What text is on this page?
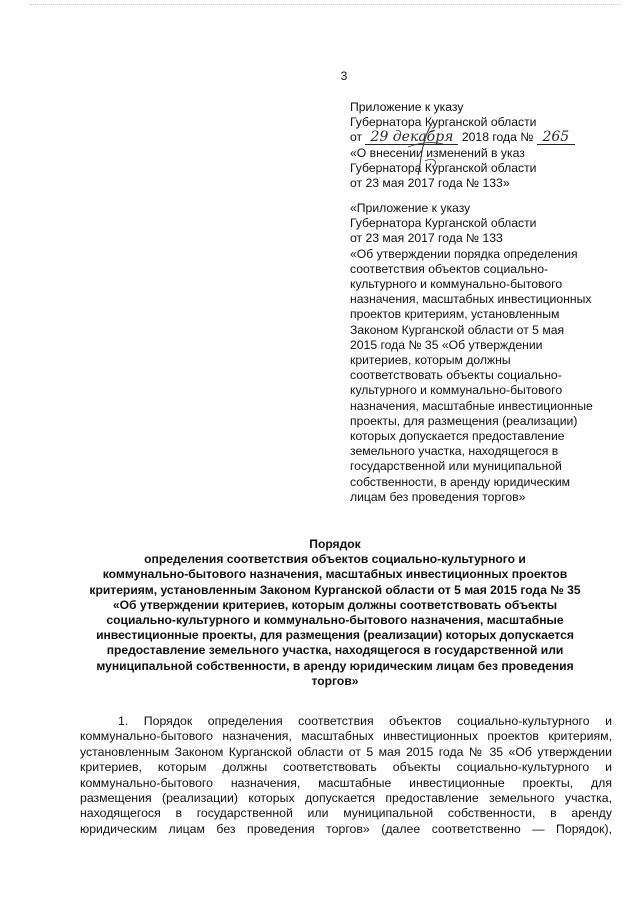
3
Приложение к указу
Губернатора Курганской области
от 29 декабря 2018 года № 265
«О внесении изменений в указ
Губернатора Курганской области
от 23 мая 2017 года № 133»
«Приложение к указу
Губернатора Курганской области
от 23 мая 2017 года № 133
«Об утверждении порядка определения
соответствия объектов социально-
культурного и коммунально-бытового
назначения, масштабных инвестиционных
проектов критериям, установленным
Законом Курганской области от 5 мая
2015 года № 35 «Об утверждении
критериев, которым должны
соответствовать объекты социально-
культурного и коммунально-бытового
назначения, масштабные инвестиционные
проекты, для размещения (реализации)
которых допускается предоставление
земельного участка, находящегося в
государственной или муниципальной
собственности, в аренду юридическим
лицам без проведения торгов»
Порядок
определения соответствия объектов социально-культурного и
коммунально-бытового назначения, масштабных инвестиционных проектов
критериям, установленным Законом Курганской области от 5 мая 2015 года № 35
«Об утверждении критериев, которым должны соответствовать объекты
социально-культурного и коммунально-бытового назначения, масштабные
инвестиционные проекты, для размещения (реализации) которых допускается
предоставление земельного участка, находящегося в государственной или
муниципальной собственности, в аренду юридическим лицам без проведения
торгов»
1. Порядок определения соответствия объектов социально-культурного и
коммунально-бытового назначения, масштабных инвестиционных проектов критериям,
установленным Законом Курганской области от 5 мая 2015 года № 35 «Об утверждении
критериев, которым должны соответствовать объекты социально-культурного и
коммунально-бытового назначения, масштабные инвестиционные проекты, для
размещения (реализации) которых допускается предоставление земельного участка,
находящегося в государственной или муниципальной собственности, в аренду
юридическим лицам без проведения торгов» (далее соответственно — Порядок),
